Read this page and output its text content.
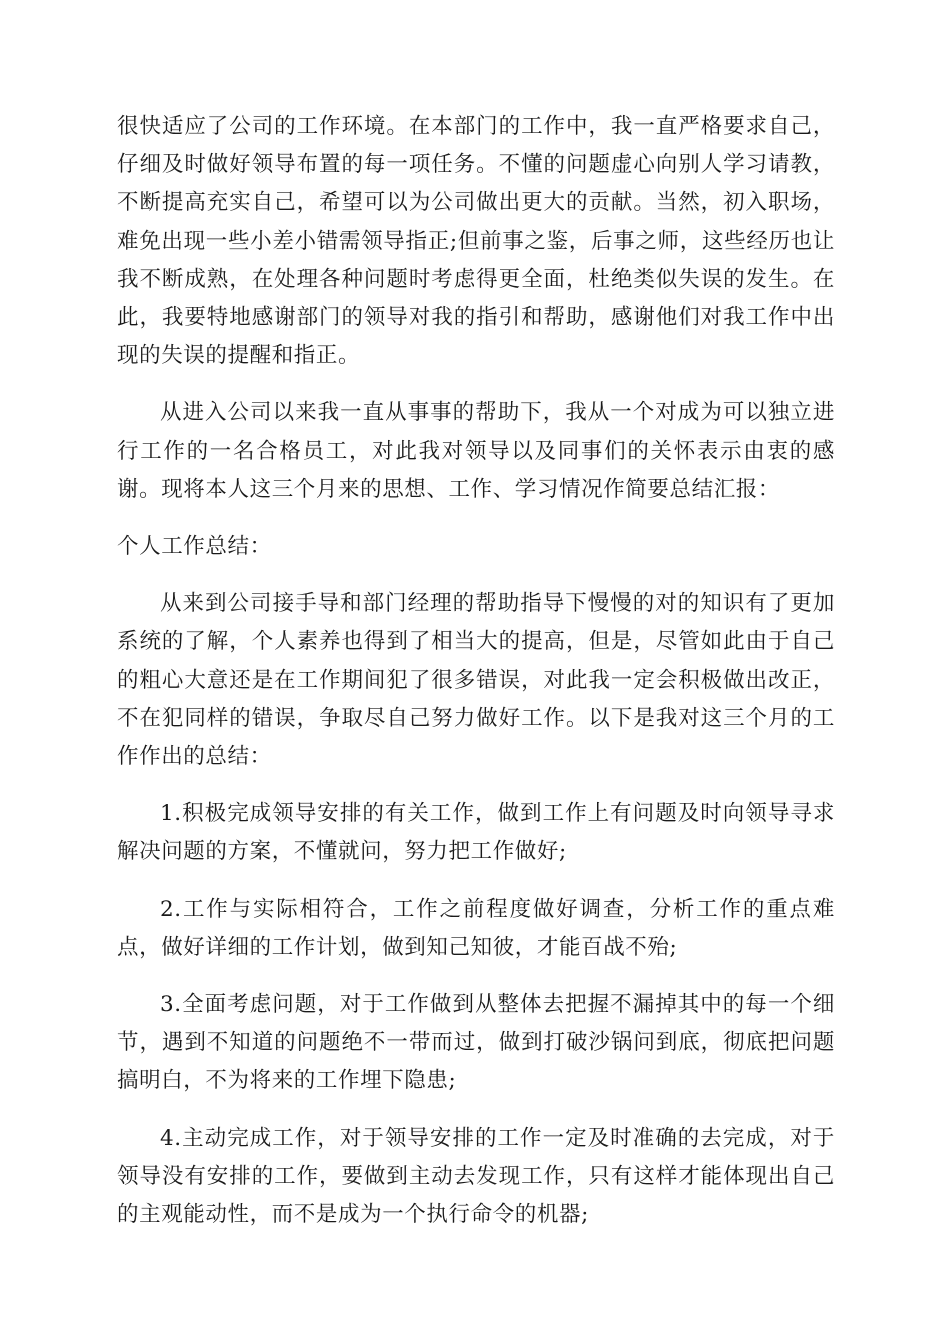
很快适应了公司的工作环境。在本部门的工作中，我一直严格要求自己，仔细及时做好领导布置的每一项任务。不懂的问题虚心向别人学习请教，不断提高充实自己，希望可以为公司做出更大的贡献。当然，初入职场，难免出现一些小差小错需领导指正;但前事之鉴，后事之师，这些经历也让我不断成熟，在处理各种问题时考虑得更全面，杜绝类似失误的发生。在此，我要特地感谢部门的领导对我的指引和帮助，感谢他们对我工作中出现的失误的提醒和指正。

从进入公司以来我一直从事事的帮助下，我从一个对成为可以独立进行工作的一名合格员工，对此我对领导以及同事们的关怀表示由衷的感谢。现将本人这三个月来的思想、工作、学习情况作简要总结汇报：

个人工作总结：

从来到公司接手导和部门经理的帮助指导下慢慢的对的知识有了更加系统的了解，个人素养也得到了相当大的提高，但是，尽管如此由于自己的粗心大意还是在工作期间犯了很多错误，对此我一定会积极做出改正，不在犯同样的错误，争取尽自己努力做好工作。以下是我对这三个月的工作作出的总结：

1.积极完成领导安排的有关工作，做到工作上有问题及时向领导寻求解决问题的方案，不懂就问，努力把工作做好;

2.工作与实际相符合，工作之前程度做好调查，分析工作的重点难点，做好详细的工作计划，做到知己知彼，才能百战不殆;

3.全面考虑问题，对于工作做到从整体去把握不漏掉其中的每一个细节，遇到不知道的问题绝不一带而过，做到打破沙锅问到底，彻底把问题搞明白，不为将来的工作埋下隐患;

4.主动完成工作，对于领导安排的工作一定及时准确的去完成，对于领导没有安排的工作，要做到主动去发现工作，只有这样才能体现出自己的主观能动性，而不是成为一个执行命令的机器;
